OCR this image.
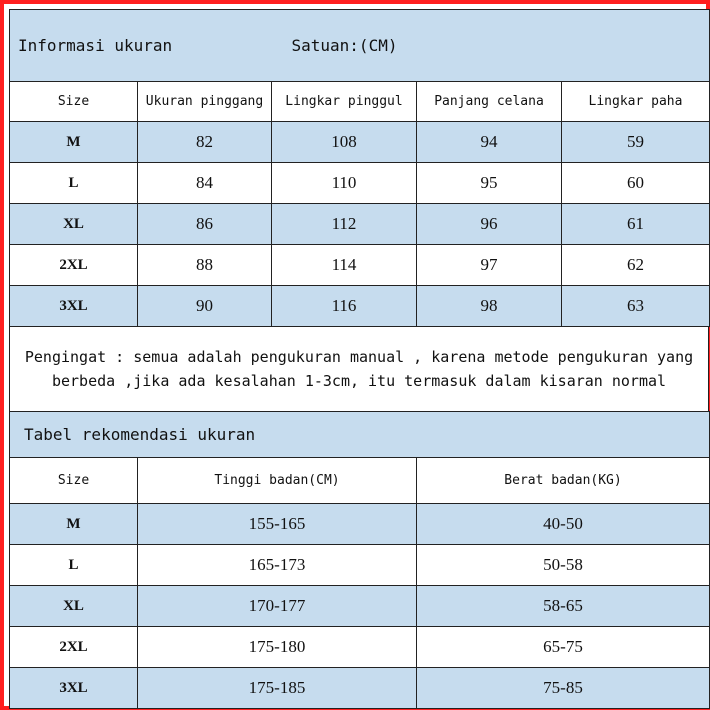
Informasi ukuran		Satuan:(CM)		
Size	Ukuran pinggang	Lingkar pinggul	Panjang celana	Lingkar paha
M	82	108	94	59
L	84	110	95	60
XL	86	112	96	61
2XL	88	114	97	62
3XL	90	116	98	63
Pengingat : semua adalah pengukuran manual , karena metode pengukuran yang
berbeda ,jika ada kesalahan 1-3cm, itu termasuk dalam kisaran normal
Tabel rekomendasi ukuran		
Size	Tinggi badan(CM)	Berat badan(KG)
M	155-165	40-50
L	165-173	50-58
XL	170-177	58-65
2XL	175-180	65-75
3XL	175-185	75-85
